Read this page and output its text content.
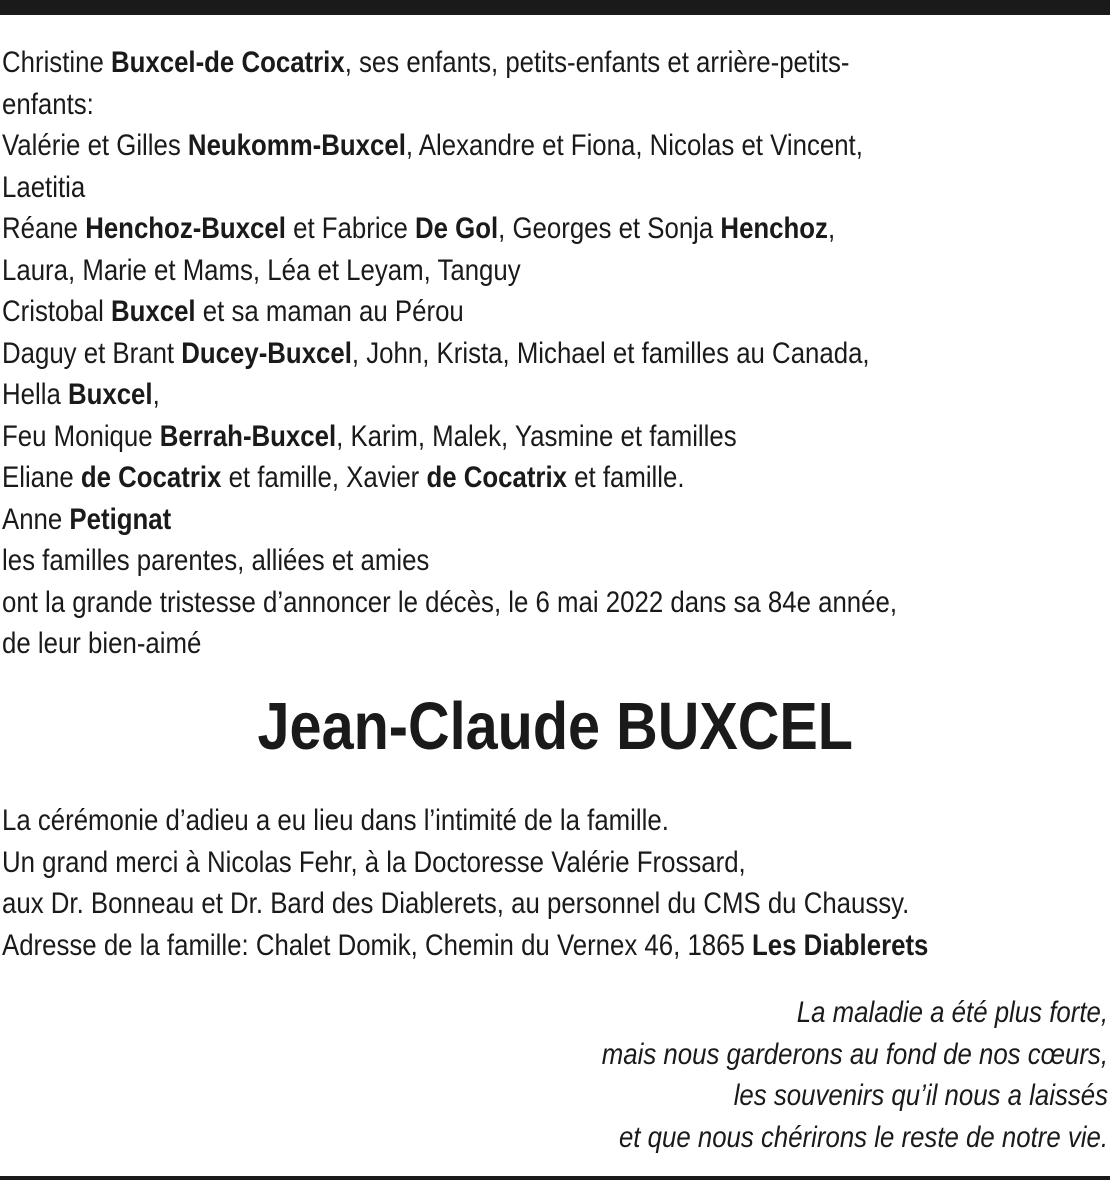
Christine Buxcel-de Cocatrix, ses enfants, petits-enfants et arrière-petits-
enfants:
Valérie et Gilles Neukomm-Buxcel, Alexandre et Fiona, Nicolas et Vincent,
Laetitia
Réane Henchoz-Buxcel et Fabrice De Gol, Georges et Sonja Henchoz,
Laura, Marie et Mams, Léa et Leyam, Tanguy
Cristobal Buxcel et sa maman au Pérou
Daguy et Brant Ducey-Buxcel, John, Krista, Michael et familles au Canada,
Hella Buxcel,
Feu Monique Berrah-Buxcel, Karim, Malek, Yasmine et familles
Eliane de Cocatrix et famille, Xavier de Cocatrix et famille.
Anne Petignat
les familles parentes, alliées et amies
ont la grande tristesse d’annoncer le décès, le 6 mai 2022 dans sa 84e année,
de leur bien-aimé
Jean-Claude BUXCEL
La cérémonie d’adieu a eu lieu dans l’intimité de la famille.
Un grand merci à Nicolas Fehr, à la Doctoresse Valérie Frossard,
aux Dr. Bonneau et Dr. Bard des Diablerets, au personnel du CMS du Chaussy.
Adresse de la famille: Chalet Domik, Chemin du Vernex 46, 1865 Les Diablerets
La maladie a été plus forte,
mais nous garderons au fond de nos cœurs,
les souvenirs qu’il nous a laissés
et que nous chérirons le reste de notre vie.
